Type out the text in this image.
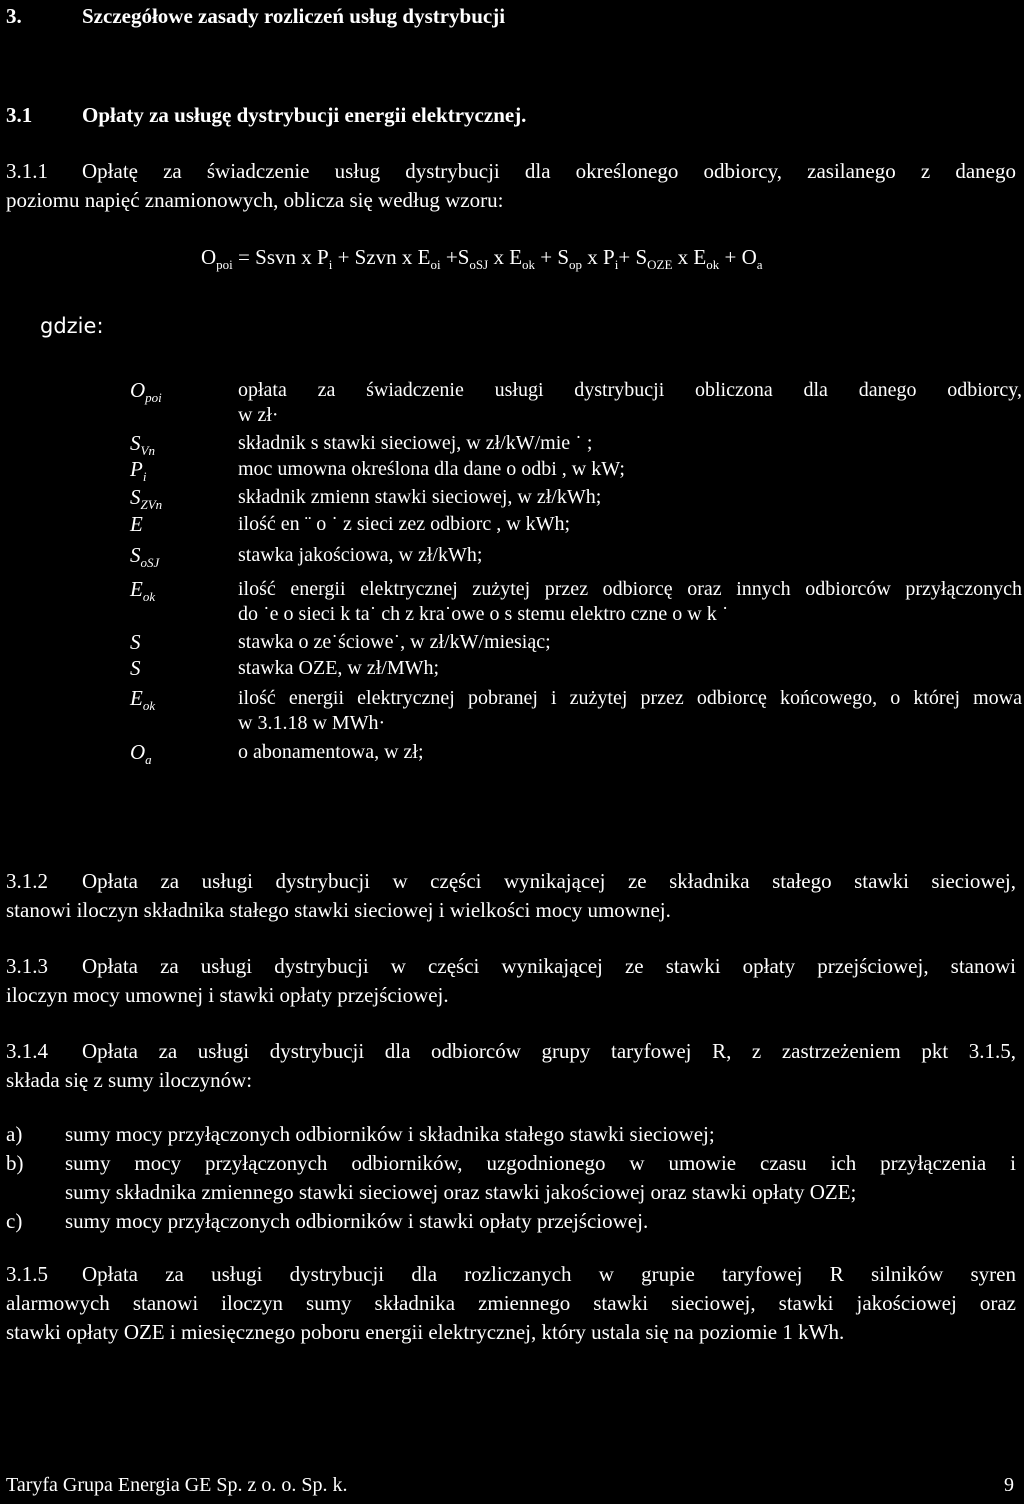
3.	Szczegółowe zasady rozliczeń usług dystrybucji
3.1 Opłaty za usługę dystrybucji energii elektrycznej.
3.1.1 Opłatę za świadczenie usług dystrybucji dla określonego odbiorcy, zasilanego z danego
poziomu napięć znamionowych, oblicza się według wzoru:
$O_{poi}$ = Ssvn x $P_i$ + Szvn x $E_{oi} +S_{oSJ}$ x $E_{ok} + S_{op}$ x $P_i+ S_{OZE}$ x $E_{ok} + O_a$
gdzie:
$O_{poi}$	opłata za świadczenie usługi dystrybucji obliczona dla danego odbiorcy,
w zł·
$S_{Vn}$	składnik s stawki sieciowej, w zł/kW/mie ˙ ;
$P_i$	moc umowna określona dla dane o odbi , w kW;
$S_{ZVn}$	składnik zmienn stawki sieciowej, w zł/kWh;
E	ilość en ¨ o ˙ z sieci zez odbiorc , w kWh;
$S_{oSJ}$	stawka jakościowa, w zł/kWh;
$E_{ok}$	ilość energii elektrycznej zużytej przez odbiorcę oraz innych odbiorców przyłączonych
do ˙e o sieci k ta˙ ch z kra˙owe o s stemu elektro czne o w k ˙
S	stawka o ze˙ściowe˙, w zł/kW/miesiąc;
S	stawka OZE, w zł/MWh;
$E_{ok}$	ilość energii elektrycznej pobranej i zużytej przez odbiorcę końcowego, o której mowa
w 3.1.18 w MWh·
$O_a$	o abonamentowa, w zł;
3.1.2 Opłata za usługi dystrybucji w części wynikającej ze składnika stałego stawki sieciowej,
stanowi iloczyn składnika stałego stawki sieciowej i wielkości mocy umownej.
3.1.3 Opłata za usługi dystrybucji w części wynikającej ze stawki opłaty przejściowej, stanowi
iloczyn mocy umownej i stawki opłaty przejściowej.
3.1.4 Opłata za usługi dystrybucji dla odbiorców grupy taryfowej R, z zastrzeżeniem pkt 3.1.5,
składa się z sumy iloczynów:
a) sumy mocy przyłączonych odbiorników i składnika stałego stawki sieciowej;
b) sumy mocy przyłączonych odbiorników, uzgodnionego w umowie czasu ich przyłączenia i
sumy składnika zmiennego stawki sieciowej oraz stawki jakościowej oraz stawki opłaty OZE;
c) sumy mocy przyłączonych odbiorników i stawki opłaty przejściowej.
3.1.5 Opłata za usługi dystrybucji dla rozliczanych w grupie taryfowej R silników syren
alarmowych stanowi iloczyn sumy składnika zmiennego stawki sieciowej, stawki jakościowej oraz
stawki opłaty OZE i miesięcznego poboru energii elektrycznej, który ustala się na poziomie 1 kWh.
Taryfa Grupa Energia GE Sp. z o. o. Sp. k.	9
